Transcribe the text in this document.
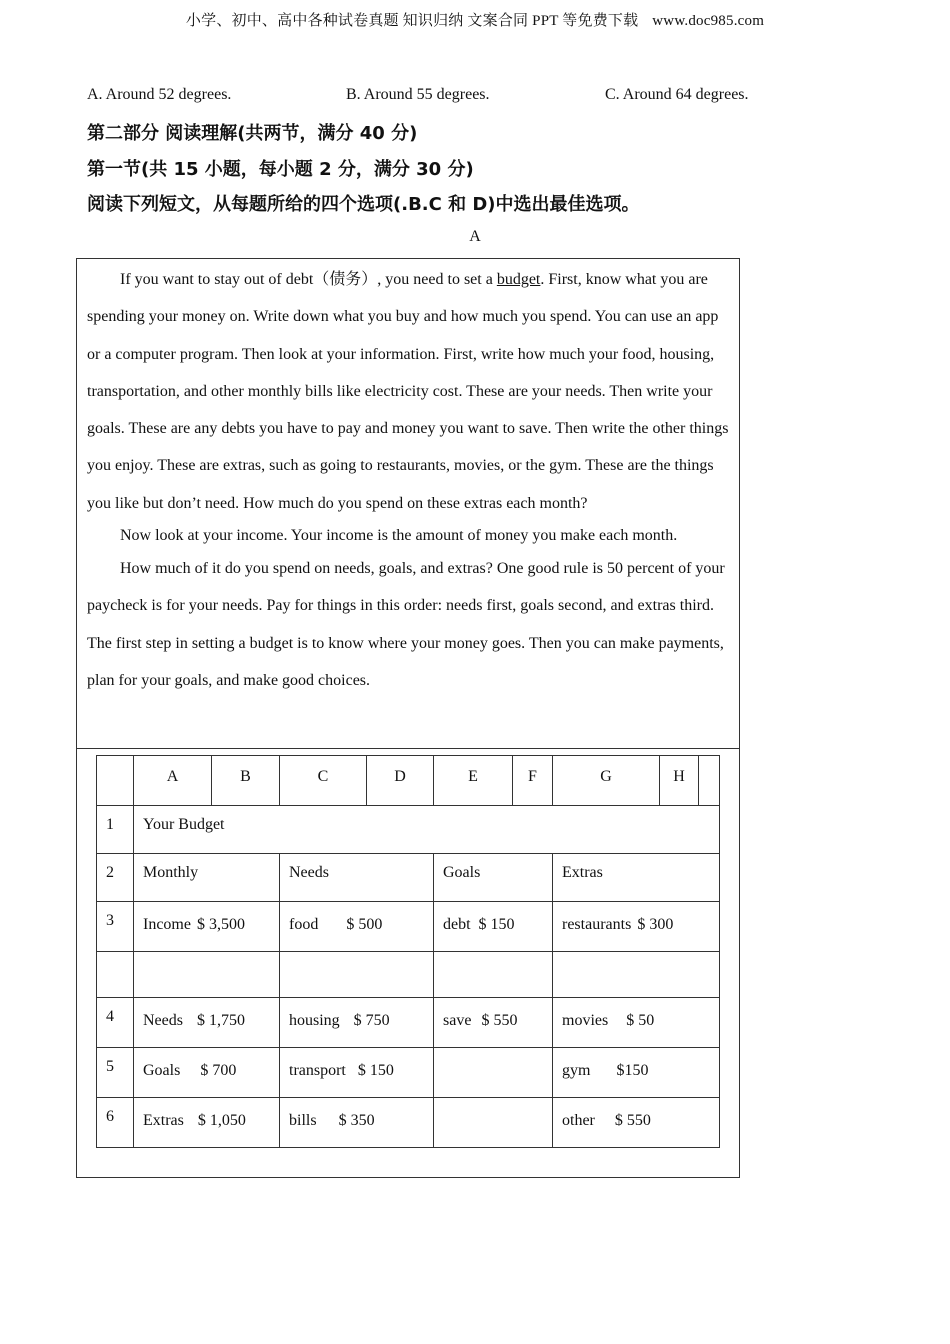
小学、初中、高中各种试卷真题 知识归纳 文案合同 PPT 等免费下载 www.doc985.com
A. Around 52 degrees.	B. Around 55 degrees.	C. Around 64 degrees.
第二部分 阅读理解(共两节，满分 40 分)
第一节(共 15 小题，每小题 2 分，满分 30 分)
阅读下列短文，从每题所给的四个选项(.B.C 和 D)中选出最佳选项。
A

If you want to stay out of debt（债务）, you need to set a budget. First, know what you are spending your money on. Write down what you buy and how much you spend. You can use an app or a computer program. Then look at your information. First, write how much your food, housing, transportation, and other monthly bills like electricity cost. These are your needs. Then write your goals. These are any debts you have to pay and money you want to save. Then write the other things you enjoy. These are extras, such as going to restaurants, movies, or the gym. These are the things you like but don’t need. How much do you spend on these extras each month?

Now look at your income. Your income is the amount of money you make each month.

How much of it do you spend on needs, goals, and extras? One good rule is 50 percent of your paycheck is for your needs. Pay for things in this order: needs first, goals second, and extras third. The first step in setting a budget is to know where your money goes. Then you can make payments, plan for your goals, and make good choices.

	A	B	C	D	E	F	G	H	
1	Your Budget								
2	Monthly		Needs		Goals		Extras		
3	Income $ 3,500		food $ 500		debt $ 150		restaurants $ 300		

4	Needs $ 1,750		housing $ 750		save $ 550		movies $ 50		
5	Goals $ 700		transport $ 150				gym $150		
6	Extras $ 1,050		bills $ 350				other $ 550		
